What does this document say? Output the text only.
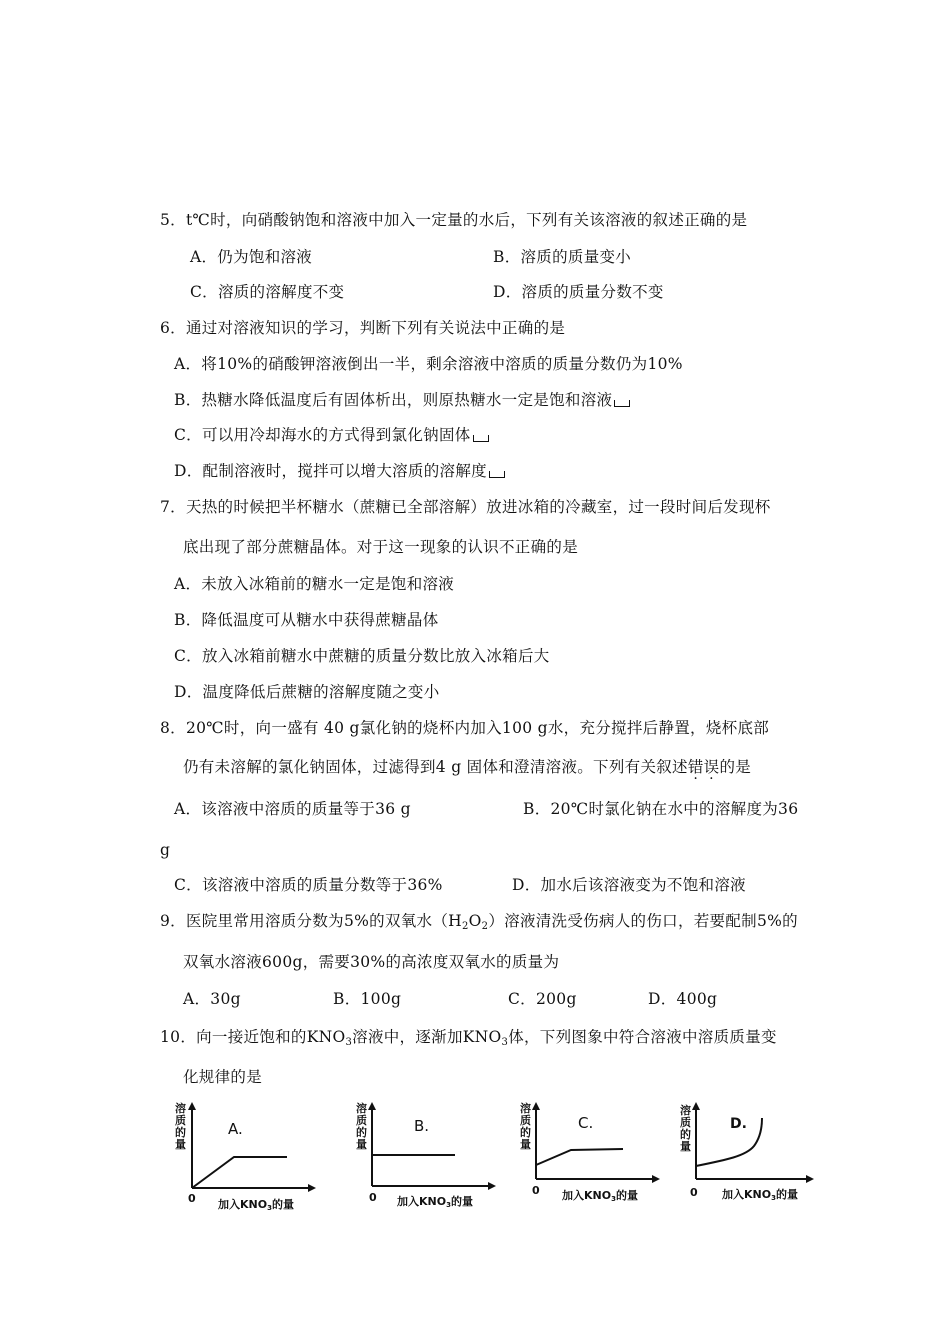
5．t℃时，向硝酸钠饱和溶液中加入一定量的水后，下列有关该溶液的叙述正确的是
A．仍为饱和溶液	B．溶质的质量变小
C．溶质的溶解度不变	D．溶质的质量分数不变
6．通过对溶液知识的学习，判断下列有关说法中正确的是
A．将10%的硝酸钾溶液倒出一半，剩余溶液中溶质的质量分数仍为10%
B．热糖水降低温度后有固体析出，则原热糖水一定是饱和溶液
C．可以用冷却海水的方式得到氯化钠固体
D．配制溶液时，搅拌可以增大溶质的溶解度
7．天热的时候把半杯糖水（蔗糖已全部溶解）放进冰箱的冷藏室，过一段时间后发现杯
底出现了部分蔗糖晶体。对于这一现象的认识不正确的是
A．未放入冰箱前的糖水一定是饱和溶液
B．降低温度可从糖水中获得蔗糖晶体
C．放入冰箱前糖水中蔗糖的质量分数比放入冰箱后大
D．温度降低后蔗糖的溶解度随之变小
8．20℃时，向一盛有 40 g氯化钠的烧杯内加入100 g水，充分搅拌后静置，烧杯底部
仍有未溶解的氯化钠固体，过滤得到4 g 固体和澄清溶液。下列有关叙述错误的是
A．该溶液中溶质的质量等于36 g	B．20℃时氯化钠在水中的溶解度为36
g
C．该溶液中溶质的质量分数等于36%	D．加水后该溶液变为不饱和溶液
9．医院里常用溶质分数为5%的双氧水$(H_2O_2)$溶液清洗受伤病人的伤口，若要配制5%的
双氧水溶液600g，需要30%的高浓度双氧水的质量为
A．30g	B．100g	C．200g	D．400g
10．向一接近饱和的$KNO_3$溶液中，逐渐加$KNO_3$体，下列图象中符合溶液中溶质质量变
化规律的是
溶
质
的
量
0 加入KNO3的量
A.
溶
质
的
量
0 加入KNO3的量
B.
溶
质
的
量
0 加入KNO3的量
C.
溶
质
的
量
0 加入KNO3的量
D.
